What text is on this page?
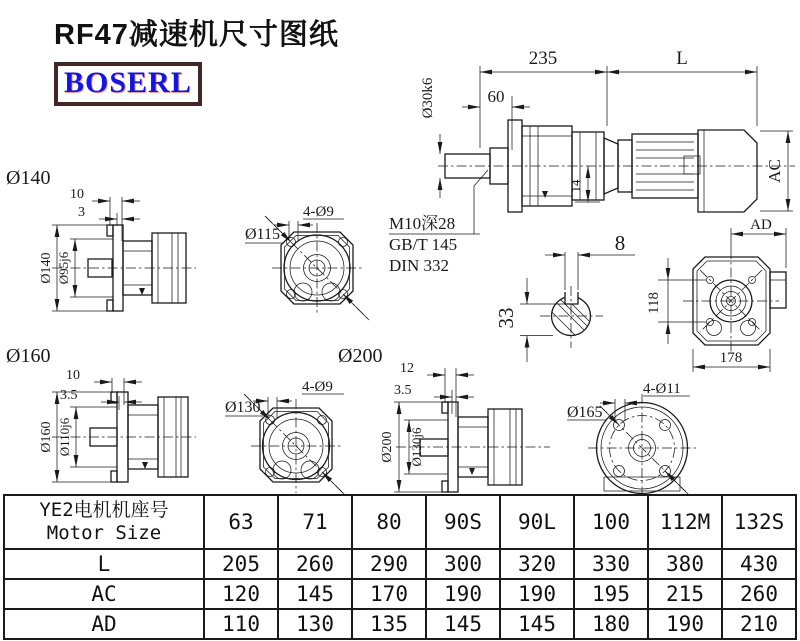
RF47减速机尺寸图纸
BOSERL
235	L
60
Ø30k6
14
AC
M10深28
GB/T 145
DIN 332
8
33
AD
118
178
Ø140
10
3
Ø140 Ø95j6
Ø115
4-Ø9
Ø160
10
3.5
Ø160 Ø110j6
Ø200
Ø130
4-Ø9
12
3.5
Ø200 Ø130j6
Ø165
4-Ø11
YE2电机机座号
Motor Size	63	71	80	90S	90L	100	112M	132S
L	205	260	290	300	320	330	380	430
AC	120	145	170	190	190	195	215	260
AD	110	130	135	145	145	180	190	210
